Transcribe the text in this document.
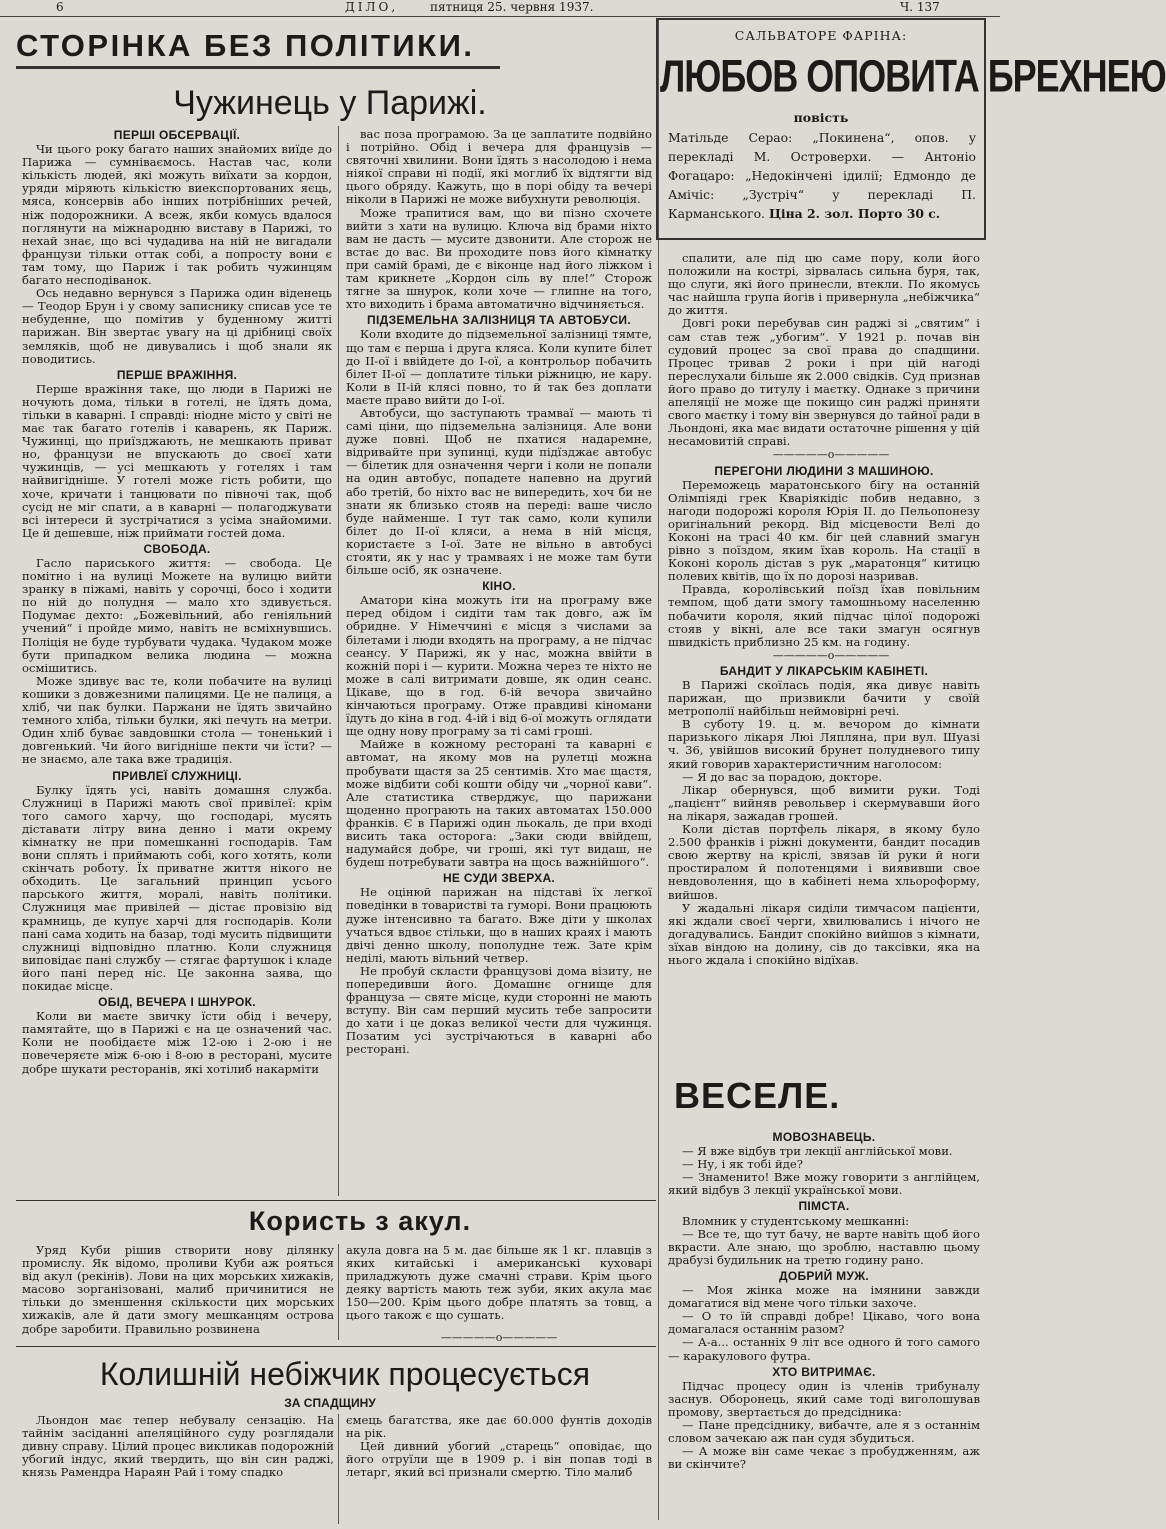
6	ДІЛО,	пятниця 25. червня 1937.	Ч. 137
СТОРІНКА БЕЗ ПОЛІТИКИ.
Чужинець у Парижі.
ПЕРШІ ОБСЕРВАЦІЇ.

Чи цього року багато наших знайомих виїде до Парижа — сумніваємось. Настав час, коли кількість людей, які можуть виїхати за кордон, уряди міряють кількістю виекспортованих яєць, мяса, консервів або інших потрібніших речей, ніж подорожники. А всеж, якби комусь вдалося поглянути на міжнародню виставу в Парижі, то нехай знає, що всі чудадива на ній не вигадали французи тільки оттак собі, а попросту вони є там тому, що Париж і так робить чужинцям багато несподіванок.

Ось недавно вернувся з Парижа один віденець — Теодор Брун і у свому записнику списав усе те небуденне, що помітив у буденному житті парижан. Він звертає увагу на ці дрібниці своїх земляків, щоб не дивувались і щоб знали як поводитись.

ПЕРШЕ ВРАЖІННЯ.

Перше вражіння таке, що люди в Парижі не ночують дома, тільки в готелі, не їдять дома, тільки в каварні. І справді: ніодне місто у світі не має так багато готелів і каварень, як Париж. Чужинці, що приїзджають, не мешкають приват но, французи не впускають до своєї хати чужинців, — усі мешкають у готелях і там найвигідніше. У готелі може гість робити, що хоче, кричати і танцювати по півночі так, щоб сусід не міг спати, а в каварні — полагоджувати всі інтереси й зустрічатися з усіма знайомими. Це й дешевше, ніж приймати гостей дома.

СВОБОДА.

Гасло париського життя: — свобода. Це помітно і на вулиці Можете на вулицю вийти зранку в піжамі, навіть у сорочці, босо і ходити по ній до полудня — мало хто здивується. Подумає дехто: „Божевільний, або геніяльний учений“ і пройде мимо, навіть не всміхнувшись. Поліція не буде турбувати чудака. Чудаком може бути припадком велика людина — можна осмішитись.

Може здивує вас те, коли побачите на вулиці кошики з довжезними палицями. Це не палиця, а хліб, чи пак булки. Паржани не їдять звичайно темного хліба, тільки булки, які печуть на метри. Один хліб буває завдовшки стола — тоненький і довгенький. Чи його вигідніше пекти чи їсти? — не знаємо, але така вже традиція.

ПРИВЛЕЇ СЛУЖНИЦІ.

Булку їдять усі, навіть домашня служба. Служниці в Парижі мають свої привілеї: крім того самого харчу, що господарі, мусять діставати літру вина денно і мати окрему кімнатку не при помешканні господарів. Там вони сплять і приймають собі, кого хотять, коли скінчать роботу. Їх приватне життя нікого не обходить. Це загальний принцип усього парського життя, моралі, навіть політики. Служниця має привілей — дістає провізію від крамниць, де купує харчі для господарів. Коли пані сама ходить на базар, тоді мусить підвищити служниці відповідно платню. Коли служниця виповідає пані службу — стягає фартушок і кладе його пані перед ніс. Це законна заява, що покидає місце.

ОБІД, ВЕЧЕРА І ШНУРОК.

Коли ви маєте звичку їсти обід і вечеру, памятайте, що в Парижі є на це означений час. Коли не пообідаєте між 12-ою і 2-ою і не повечеряєте між 6-ою і 8-ою в ресторані, мусите добре шукати ресторанів, які хотілиб накарміти

вас поза програмою. За це заплатите подвійно і потрійно. Обід і вечера для французів — святочні хвилини. Вони їдять з насолодою і нема ніякої справи ні події, які моглиб їх відтягти від цього обряду. Кажуть, що в порі обіду та вечері ніколи в Парижі не може вибухнути революція.

Може трапитися вам, що ви пізно схочете вийти з хати на вулицю. Ключа від брами ніхто вам не дасть — мусите дзвонити. Але сторож не встає до вас. Ви проходите повз його кімнатку при самій брамі, де є віконце над його ліжком і там крикнете „Кордон сіль ву пле!“ Сторож тягне за шнурок, коли хоче — глипне на того, хто виходить і брама автоматично відчиняється.

ПІДЗЕМЕЛЬНА ЗАЛІЗНИЦЯ ТА АВТОБУСИ.

Коли входите до підземельної залізниці тямте, що там є перша і друга кляса. Коли купите білет до ІІ-ої і ввійдете до І-ої, а контрольор побачить білет ІІ-ої — доплатите тільки ріжницю, не кару. Коли в ІІ-ій клясі повно, то й так без доплати маєте право вийти до І-ої.

Автобуси, що заступають трамваї — мають ті самі ціни, що підземельна залізниця. Але вони дуже повні. Щоб не пхатися надаремне, відривайте при зупинці, куди підїзджає автобус — білетик для означення черги і коли не попали на один автобус, попадете напевно на другий або третій, бо ніхто вас не випередить, хоч би не знати як близько стояв на переді: ваше число буде найменше. І тут так само, коли купили білет до ІІ-ої кляси, а нема в ній місця, користаєте з І-ої. Зате не вільно в автобусі стояти, як у нас у трамваях і не може там бути більше осіб, як означене.

КІНО.

Аматори кіна можуть іти на програму вже перед обідом і сидіти там так довго, аж їм обридне. У Німеччині є місця з числами за білетами і люди входять на програму, а не підчас сеансу. У Парижі, як у нас, можна ввійти в кожній порі і — курити. Можна через те ніхто не може в салі витримати довше, як один сеанс. Цікаве, що в год. 6-ій вечора звичайно кінчаються програму. Отже правдиві кіномани їдуть до кіна в год. 4-ій і від 6-ої можуть оглядати ще одну нову програму за ті самі гроші.

Майже в кожному ресторані та каварні є автомат, на якому мов на рулетці можна пробувати щастя за 25 сентимів. Хто має щастя, може відбити собі кошти обіду чи „чорної кави“. Але статистика стверджує, що парижани щоденно програють на таких автоматах 150.000 франків. Є в Парижі один льокаль, де при вході висить така осторога: „Заки сюди ввійдеш, надумайся добре, чи гроші, які тут видаш, не будеш потребувати завтра на щось важнійшого“.

НЕ СУДИ ЗВЕРХА.

Не оцінюй парижан на підставі їх легкої поведінки в товаристві та гуморі. Вони працюють дуже інтенсивно та багато. Вже діти у школах учаться вдвоє стільки, що в наших краях і мають двічі денно школу, пополудне теж. Зате крім неділі, мають вільний четвер.

Не пробуй скласти французові дома візиту, не попередивши його. Домашнє огнище для француза — святе місце, куди сторонні не мають вступу. Він сам перший мусить тебе запросити до хати і це доказ великої чести для чужинця. Позатим усі зустрічаються в каварні або ресторані.

САЛЬВАТОРЕ ФАРІНА:
ЛЮБОВ ОПОВИТА БРЕХНЕЮ
повість
Матільде Серао: „Покинена“, опов. у перекладі М. Островерхи. — Антоніо Фогацаро: „Недокінчені ідилії; Едмондо де Амічіс: „Зустріч“ у перекладі П. Карманського. Ціна 2. зол. Порто 30 с.

спалити, але під цю саме пору, коли його положили на кострі, зірвалась сильна буря, так, що слуги, які його принесли, втекли. По якомусь час найшла група йогів і привернула „небіжчика“ до життя.

Довгі роки перебував син раджі зі „святим“ і сам став теж „убогим“. У 1921 р. почав він судовий процес за свої права до спадщини. Процес тривав 2 роки і при цій нагоді переслухали більше як 2.000 свідків. Суд признав його право до титулу і маєтку. Однаке з причини апеляції не може ще покищо син раджі приняти свого маєтку і тому він звернувся до тайної ради в Льондоні, яка має видати остаточне рішення у цій несамовитій справі.

—————о—————

ПЕРЕГОНИ ЛЮДИНИ З МАШИНОЮ.

Переможець маратонського бігу на останній Олімпіяді грек Кваріякідіс побив недавно, з нагоди подорожі короля Юрія ІІ. до Пельопонезу оригінальний рекорд. Від місцевости Велі до Коконі на трасі 40 км. біг цей славний змагун рівно з поїздом, яким їхав король. На стації в Коконі король дістав з рук „маратонця“ китицю полевих квітів, що їх по дорозі назривав.

Правда, королівський поїзд їхав повільним темпом, щоб дати змогу тамошньому населенню побачити короля, який підчас цілої подорожі стояв у вікні, але все таки змагун осягнув швидкість приблизно 25 км. на годину.

—————о—————

БАНДИТ У ЛІКАРСЬКІМ КАБІНЕТІ.

В Парижі скоїлась подія, яка дивує навіть парижан, що призвикли бачити у своїй метрополії найбільш неймовірні речі.

В суботу 19. ц. м. вечором до кімнати паризького лікаря Люі Ляпляна, при вул. Шуазі ч. 36, увійшов високий брунет полудневого типу який говорив характеристичним наголосом:

— Я до вас за порадою, докторе.

Лікар обернувся, щоб вимити руки. Тоді „пацієнт“ вийняв револьвер і скермувавши його на лікаря, зажадав грошей.

Коли дістав портфель лікаря, в якому було 2.500 франків і ріжні документи, бандит посадив свою жертву на кріслі, звязав їй руки й ноги простиралом й полотенцями і виявивши свое невдоволення, що в кабінеті нема хльороформу, вийшов.

У жадальні лікаря сиділи тимчасом пацієнти, які ждали своєї черги, хвилювались і нічого не догадувались. Бандит спокійно вийшов з кімнати, зїхав віндою на долину, сів до таксівки, яка на нього ждала і спокійно відїхав.

ВЕСЕЛЕ.
МОВОЗНАВЕЦЬ.

— Я вже відбув три лекції англійської мови.

— Ну, і як тобі йде?

— Знаменито! Вже можу говорити з англійцем, який відбув 3 лекції української мови.

ПІМСТА.

Вломник у студентському мешканні:

— Все те, що тут бачу, не варте навіть щоб його вкрасти. Але знаю, що зроблю, наставлю цьому драбузі будильник на третю годину рано.

ДОБРИЙ МУЖ.

— Моя жінка може на імянини завжди домагатися від мене чого тільки захоче.

— О то їй справді добре! Цікаво, чого вона домагалася останнім разом?

— А-а... останніх 9 літ все одного й того самого — каракулового футра.

ХТО ВИТРИМАЄ.

Підчас процесу один із членів трибуналу заснув. Оборонець, який саме тоді виголошував промову, звертається до предсідника:

— Пане предсіднику, вибачте, але я з останнім словом зачекаю аж пан судя збудиться.

— А може він саме чекає з пробудженням, аж ви скінчите?

Користь з акул.

Уряд Куби рішив створити нову ділянку промислу. Як відомо, проливи Куби аж рояться від акул (рекінів). Лови на цих морських хижаків, масово зорганізовані, малиб причинитися не тільки до зменшення скількости цих морських хижаків, але й дати змогу мешканцям острова добре заробити. Правильно розвинена

акула довга на 5 м. дає більше як 1 кг. плавців з яких китайські і американські куховарі приладжують дуже смачні страви. Крім цього деяку вартість мають теж зуби, яких акула має 150—200. Крім цього добре платять за товщ, а цього також є що сушать.

—————о—————
Колишній небіжчик процесується
ЗА СПАДЩИНУ

Льондон має тепер небувалу сензацію. На тайнім засіданні апеляційного суду розглядали дивну справу. Цілий процес викликав подорожній убогий індус, який твердить, що він син раджі, князь Рамендра Нараян Рай і тому спадко

ємець багатства, яке дає 60.000 фунтів доходів на рік.

Цей дивний убогий „старець“ оповідає, що його отруїли ще в 1909 р. і він попав тоді в летарг, який всі признали смертю. Тіло малиб
